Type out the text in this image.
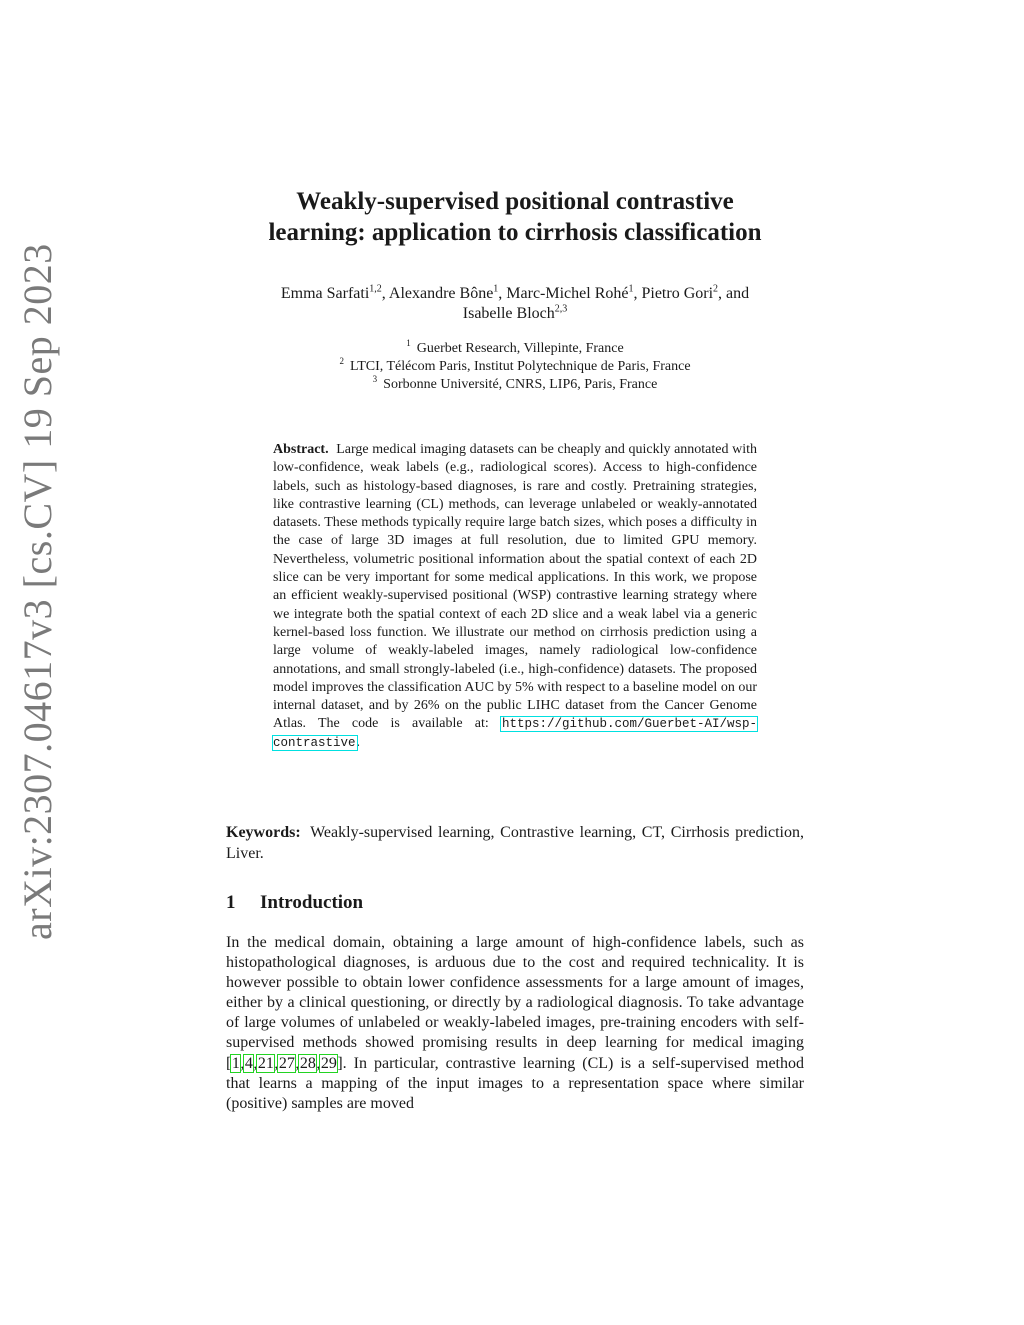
arXiv:2307.04617v3 [cs.CV] 19 Sep 2023
Weakly-supervised positional contrastive
learning: application to cirrhosis classification
Emma Sarfati$^{1,2}$, Alexandre Bône$^1$, Marc-Michel Rohé$^1$, Pietro Gori$^2$, and
Isabelle Bloch$^{2,3}$
$^1$ Guerbet Research, Villepinte, France
$^2$ LTCI, Télécom Paris, Institut Polytechnique de Paris, France
$^3$ Sorbonne Université, CNRS, LIP6, Paris, France
Abstract. Large medical imaging datasets can be cheaply and quickly annotated with low-confidence, weak labels (e.g., radiological scores). Access to high-confidence labels, such as histology-based diagnoses, is rare and costly. Pretraining strategies, like contrastive learning (CL) methods, can leverage unlabeled or weakly-annotated datasets. These methods typically require large batch sizes, which poses a difficulty in the case of large 3D images at full resolution, due to limited GPU memory. Nevertheless, volumetric positional information about the spatial context of each 2D slice can be very important for some medical applications. In this work, we propose an efficient weakly-supervised positional (WSP) contrastive learning strategy where we integrate both the spatial context of each 2D slice and a weak label via a generic kernel-based loss function. We illustrate our method on cirrhosis prediction using a large volume of weakly-labeled images, namely radiological low-confidence annotations, and small strongly-labeled (i.e., high-confidence) datasets. The proposed model improves the classification AUC by 5% with respect to a baseline model on our internal dataset, and by 26% on the public LIHC dataset from the Cancer Genome Atlas. The code is available at: https://github.com/Guerbet-AI/wsp-contrastive.
Keywords: Weakly-supervised learning, Contrastive learning, CT, Cirrhosis prediction, Liver.
1 Introduction
In the medical domain, obtaining a large amount of high-confidence labels, such as histopathological diagnoses, is arduous due to the cost and required technicality. It is however possible to obtain lower confidence assessments for a large amount of images, either by a clinical questioning, or directly by a radiological diagnosis. To take advantage of large volumes of unlabeled or weakly-labeled images, pre-training encoders with self-supervised methods showed promising results in deep learning for medical imaging [1,4,21,27,28,29]. In particular, contrastive learning (CL) is a self-supervised method that learns a mapping of the input images to a representation space where similar (positive) samples are moved
